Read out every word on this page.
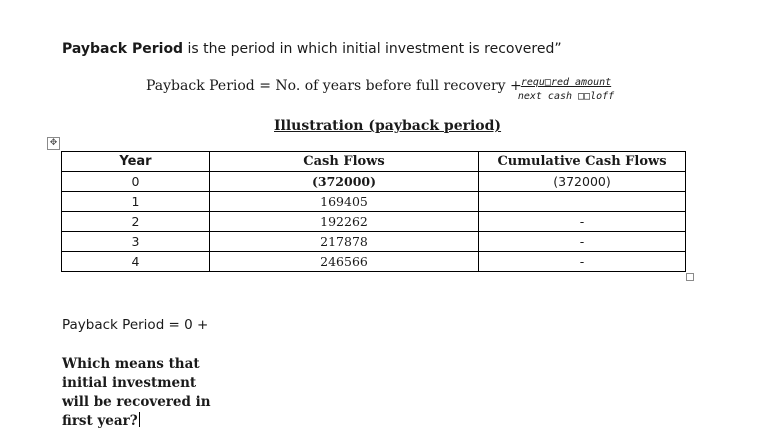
Payback Period is the period in which initial investment is recovered”
Payback Period = No. of years before full recovery + requ□red amount
next cash □□loff
Illustration (payback period)
✥
Year	Cash Flows	Cumulative Cash Flows
0	(372000)	(372000)
1	169405	
2	192262	-
3	217878	-
4	246566	-
Payback Period = 0 +
Which means that initial investment will be recovered in first year?
